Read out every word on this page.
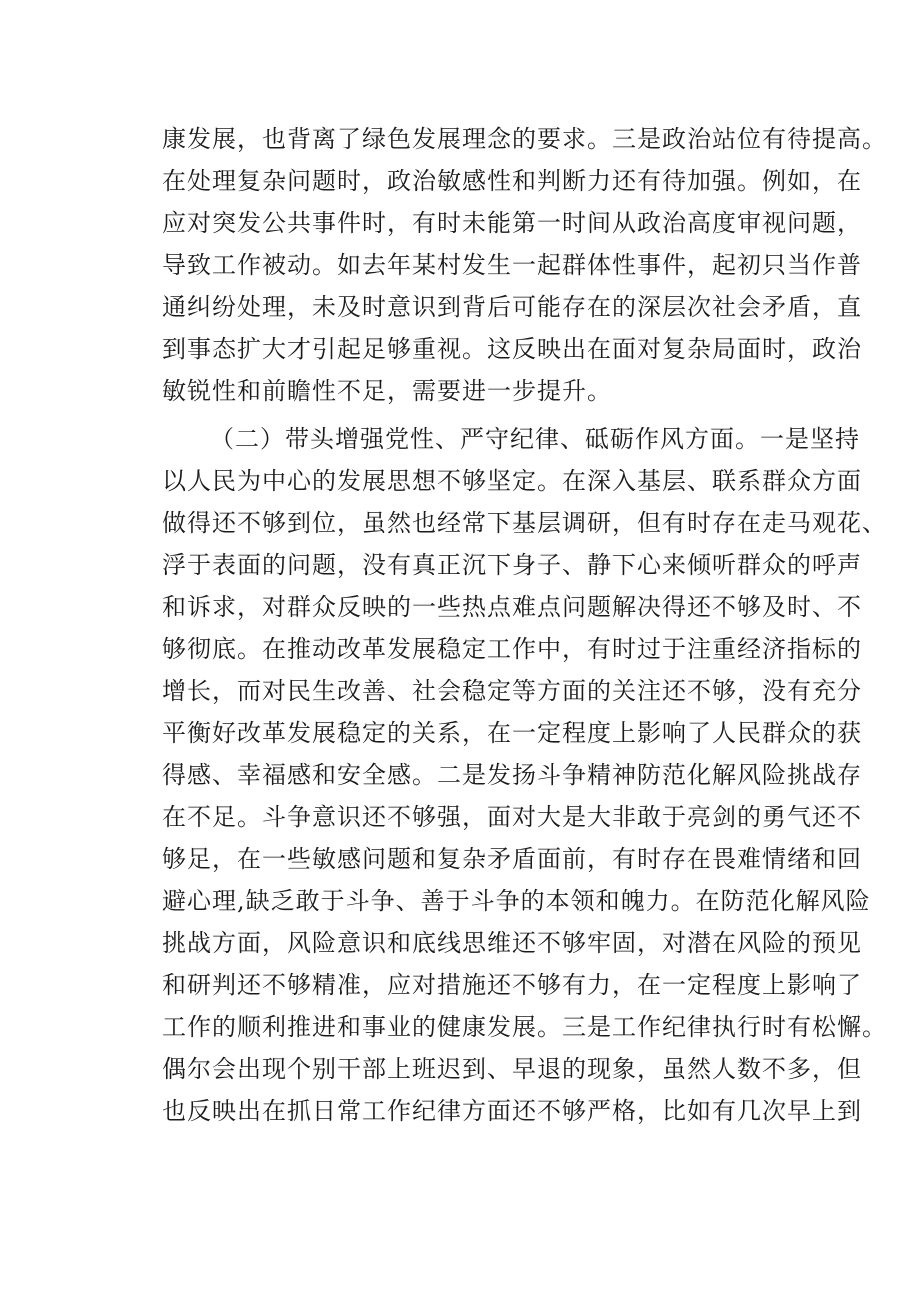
康发展，也背离了绿色发展理念的要求。三是政治站位有待提高。
在处理复杂问题时，政治敏感性和判断力还有待加强。例如，在
应对突发公共事件时，有时未能第一时间从政治高度审视问题，
导致工作被动。如去年某村发生一起群体性事件，起初只当作普
通纠纷处理，未及时意识到背后可能存在的深层次社会矛盾，直
到事态扩大才引起足够重视。这反映出在面对复杂局面时，政治
敏锐性和前瞻性不足，需要进一步提升。
（二）带头增强党性、严守纪律、砥砺作风方面。一是坚持
以人民为中心的发展思想不够坚定。在深入基层、联系群众方面
做得还不够到位，虽然也经常下基层调研，但有时存在走马观花、
浮于表面的问题，没有真正沉下身子、静下心来倾听群众的呼声
和诉求，对群众反映的一些热点难点问题解决得还不够及时、不
够彻底。在推动改革发展稳定工作中，有时过于注重经济指标的
增长，而对民生改善、社会稳定等方面的关注还不够，没有充分
平衡好改革发展稳定的关系，在一定程度上影响了人民群众的获
得感、幸福感和安全感。二是发扬斗争精神防范化解风险挑战存
在不足。斗争意识还不够强，面对大是大非敢于亮剑的勇气还不
够足，在一些敏感问题和复杂矛盾面前，有时存在畏难情绪和回
避心理,缺乏敢于斗争、善于斗争的本领和魄力。在防范化解风险
挑战方面，风险意识和底线思维还不够牢固，对潜在风险的预见
和研判还不够精准，应对措施还不够有力，在一定程度上影响了
工作的顺利推进和事业的健康发展。三是工作纪律执行时有松懈。
偶尔会出现个别干部上班迟到、早退的现象，虽然人数不多，但
也反映出在抓日常工作纪律方面还不够严格，比如有几次早上到
